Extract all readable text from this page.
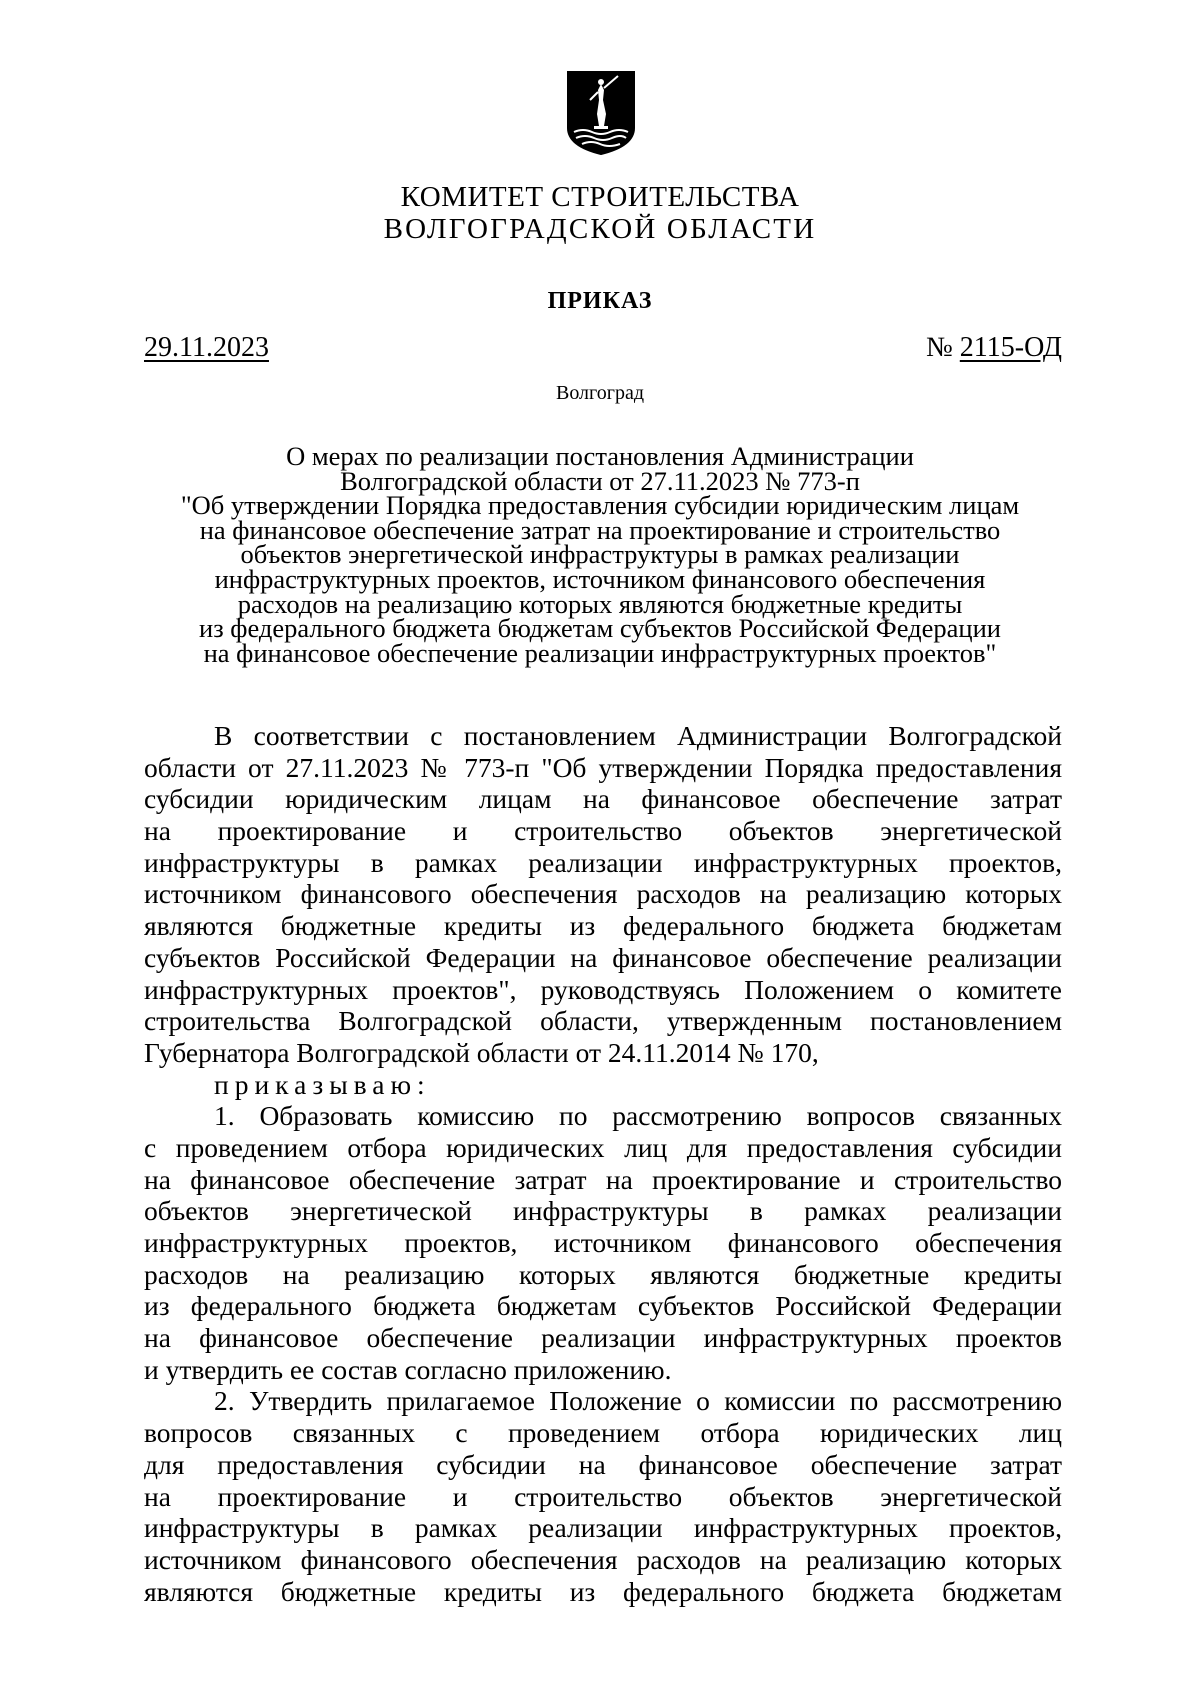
КОМИТЕТ СТРОИТЕЛЬСТВА
ВОЛГОГРАДСКОЙ ОБЛАСТИ
ПРИКАЗ
29.11.2023	№ 2115-ОД
Волгоград
О мерах по реализации постановления Администрации
Волгоградской области от 27.11.2023 № 773-п
"Об утверждении Порядка предоставления субсидии юридическим лицам
на финансовое обеспечение затрат на проектирование и строительство
объектов энергетической инфраструктуры в рамках реализации
инфраструктурных проектов, источником финансового обеспечения
расходов на реализацию которых являются бюджетные кредиты
из федерального бюджета бюджетам субъектов Российской Федерации
на финансовое обеспечение реализации инфраструктурных проектов"
В соответствии с постановлением Администрации Волгоградской
области от 27.11.2023 № 773-п "Об утверждении Порядка предоставления
субсидии юридическим лицам на финансовое обеспечение затрат
на проектирование и строительство объектов энергетической
инфраструктуры в рамках реализации инфраструктурных проектов,
источником финансового обеспечения расходов на реализацию которых
являются бюджетные кредиты из федерального бюджета бюджетам
субъектов Российской Федерации на финансовое обеспечение реализации
инфраструктурных проектов", руководствуясь Положением о комитете
строительства Волгоградской области, утвержденным постановлением
Губернатора Волгоградской области от 24.11.2014 № 170,
приказываю:
1. Образовать комиссию по рассмотрению вопросов связанных
с проведением отбора юридических лиц для предоставления субсидии
на финансовое обеспечение затрат на проектирование и строительство
объектов энергетической инфраструктуры в рамках реализации
инфраструктурных проектов, источником финансового обеспечения
расходов на реализацию которых являются бюджетные кредиты
из федерального бюджета бюджетам субъектов Российской Федерации
на финансовое обеспечение реализации инфраструктурных проектов
и утвердить ее состав согласно приложению.
2. Утвердить прилагаемое Положение о комиссии по рассмотрению
вопросов связанных с проведением отбора юридических лиц
для предоставления субсидии на финансовое обеспечение затрат
на проектирование и строительство объектов энергетической
инфраструктуры в рамках реализации инфраструктурных проектов,
источником финансового обеспечения расходов на реализацию которых
являются бюджетные кредиты из федерального бюджета бюджетам
